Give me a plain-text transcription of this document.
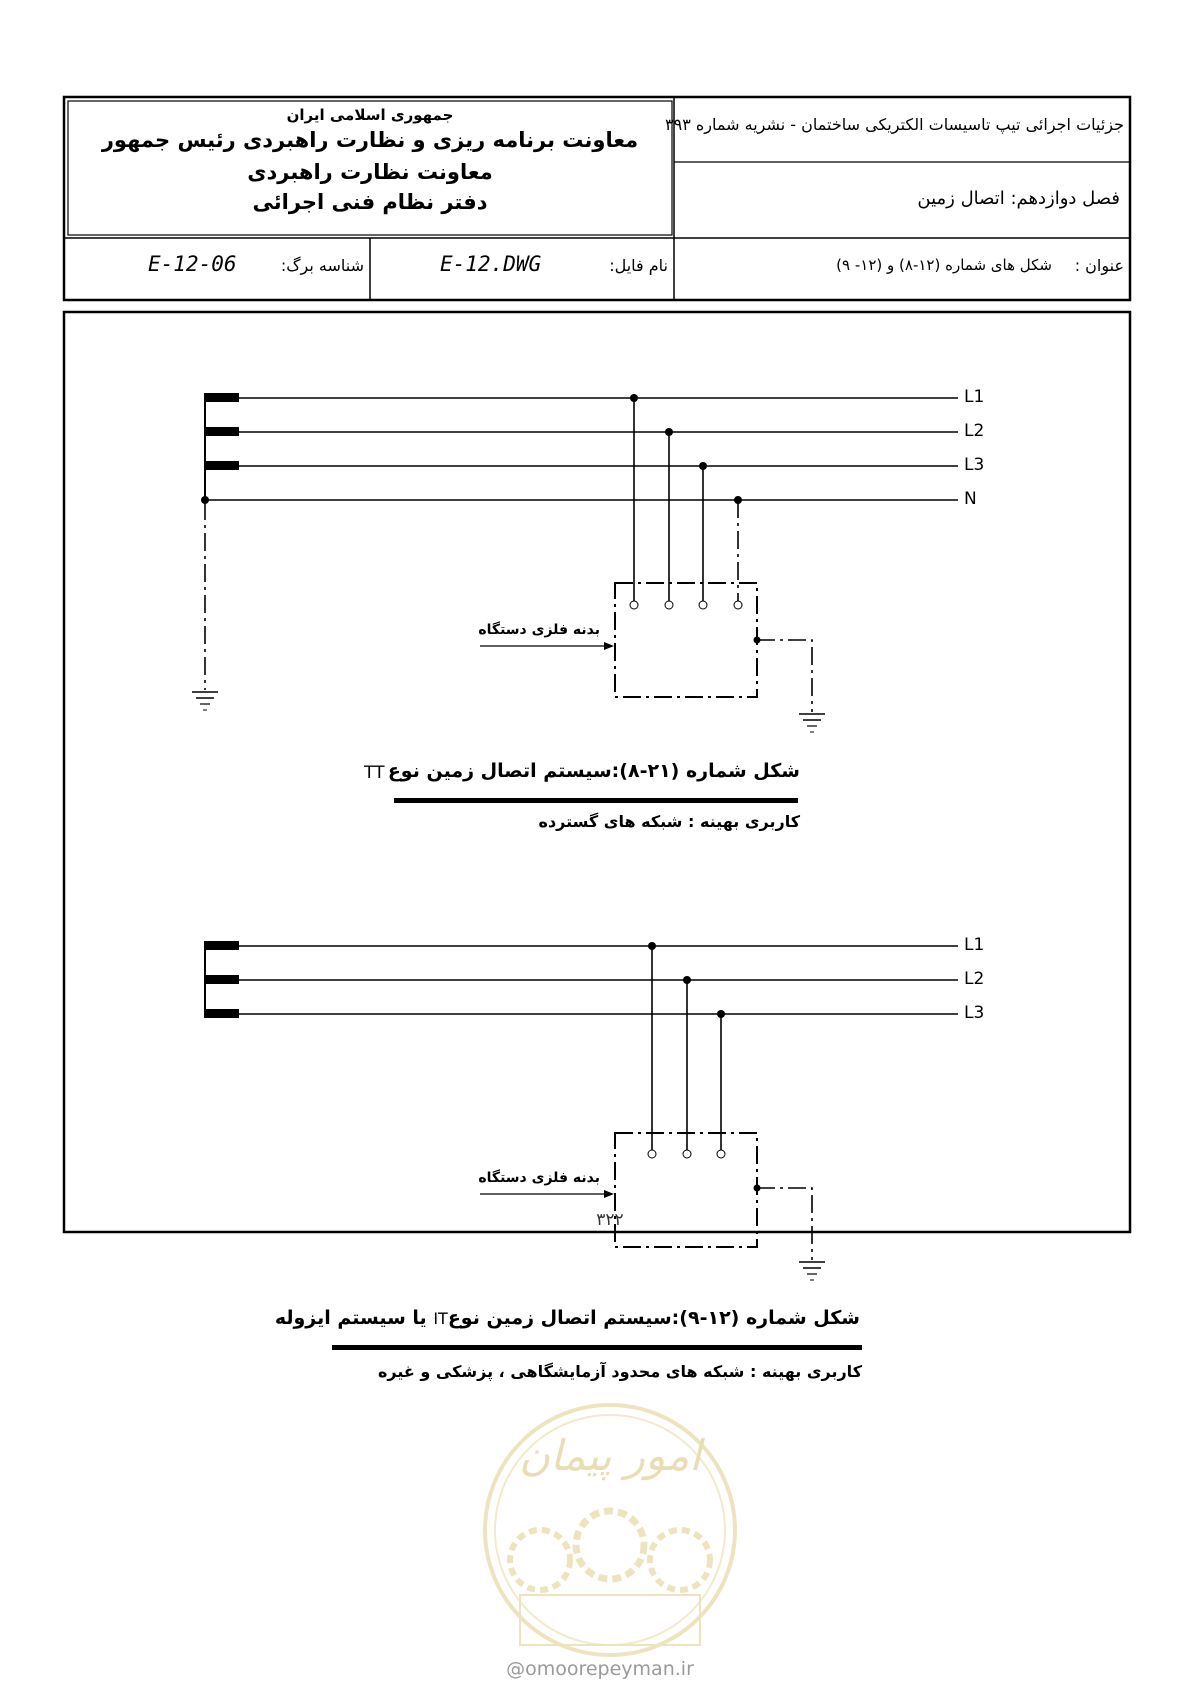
امور پیمان
جمهوری اسلامی ایران
معاونت برنامه ریزی و نظارت راهبردی رئیس جمهور
معاونت نظارت راهبردی
دفتر نظام فنی اجرائی
جزئیات اجرائی تیپ تاسیسات الکتریکی ساختمان - نشریه شماره ۳۹۳
فصل دوازدهم: اتصال زمین
عنوان :
شکل های شماره (۱۲-۸) و (۱۲- ۹)
نام فایل:
E-12.DWG
شناسه برگ:
E-12-06
L1
L2
L3
N
بدنه فلزی دستگاه
TT شکل شماره (۲۱-۸):سیستم اتصال زمین نوع
کاربری بهینه : شبکه های گسترده
L1
L2
L3
بدنه فلزی دستگاه
شکل شماره (۱۲-۹):سیستم اتصال زمین نوعIT یا سیستم ایزوله
کاربری بهینه : شبکه های محدود آزمایشگاهی ، پزشکی و غیره
۳۲۲
@omoorepeyman.ir
